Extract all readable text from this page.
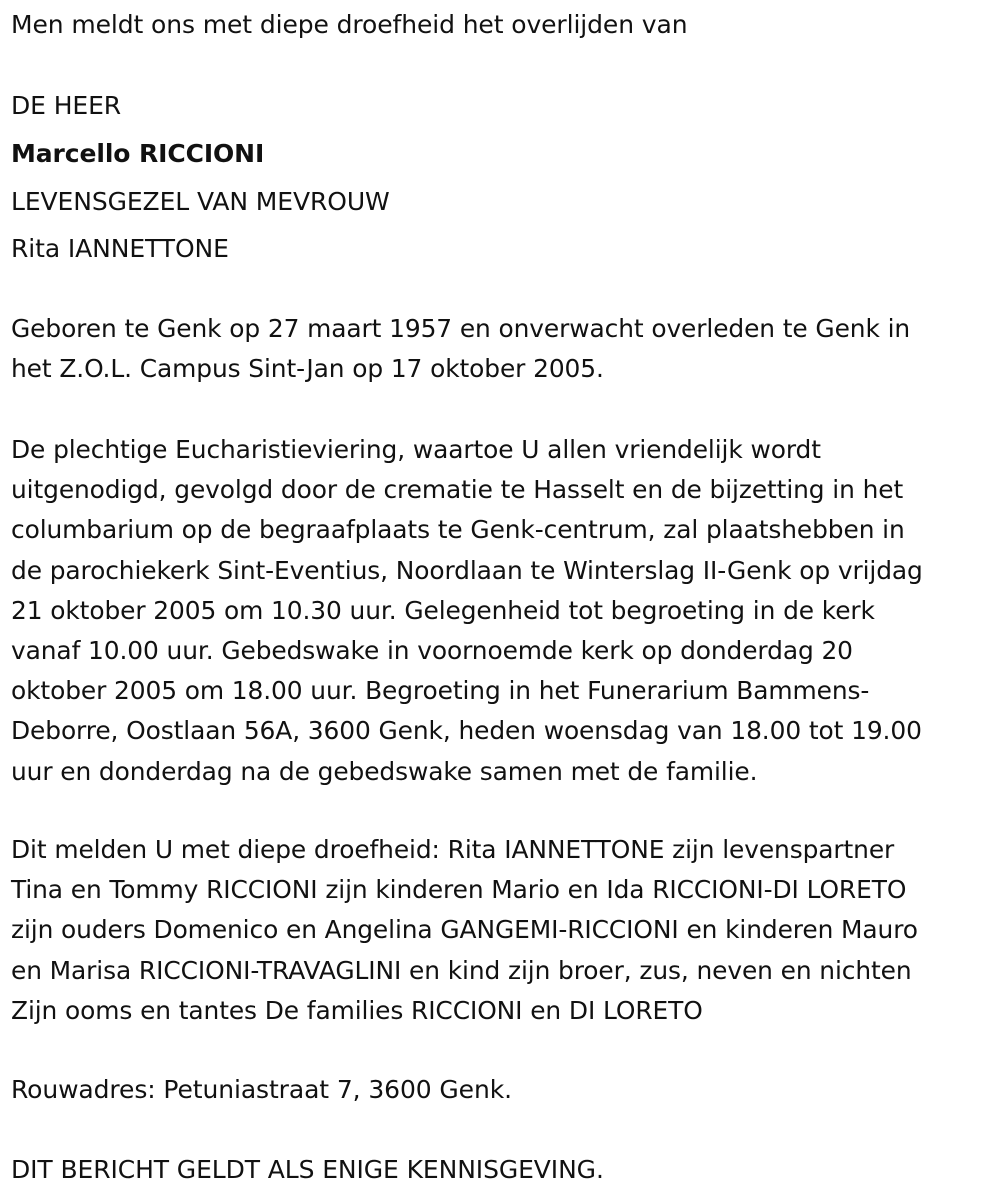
Men meldt ons met diepe droefheid het overlijden van
DE HEER
Marcello RICCIONI
LEVENSGEZEL VAN MEVROUW
Rita IANNETTONE
Geboren te Genk op 27 maart 1957 en onverwacht overleden te Genk in
het Z.O.L. Campus Sint-Jan op 17 oktober 2005.
De plechtige Eucharistieviering, waartoe U allen vriendelijk wordt
uitgenodigd, gevolgd door de crematie te Hasselt en de bijzetting in het
columbarium op de begraafplaats te Genk-centrum, zal plaatshebben in
de parochiekerk Sint-Eventius, Noordlaan te Winterslag II-Genk op vrijdag
21 oktober 2005 om 10.30 uur. Gelegenheid tot begroeting in de kerk
vanaf 10.00 uur. Gebedswake in voornoemde kerk op donderdag 20
oktober 2005 om 18.00 uur. Begroeting in het Funerarium Bammens-
Deborre, Oostlaan 56A, 3600 Genk, heden woensdag van 18.00 tot 19.00
uur en donderdag na de gebedswake samen met de familie.
Dit melden U met diepe droefheid: Rita IANNETTONE zijn levenspartner
Tina en Tommy RICCIONI zijn kinderen Mario en Ida RICCIONI-DI LORETO
zijn ouders Domenico en Angelina GANGEMI-RICCIONI en kinderen Mauro
en Marisa RICCIONI-TRAVAGLINI en kind zijn broer, zus, neven en nichten
Zijn ooms en tantes De families RICCIONI en DI LORETO
Rouwadres: Petuniastraat 7, 3600 Genk.
DIT BERICHT GELDT ALS ENIGE KENNISGEVING.
